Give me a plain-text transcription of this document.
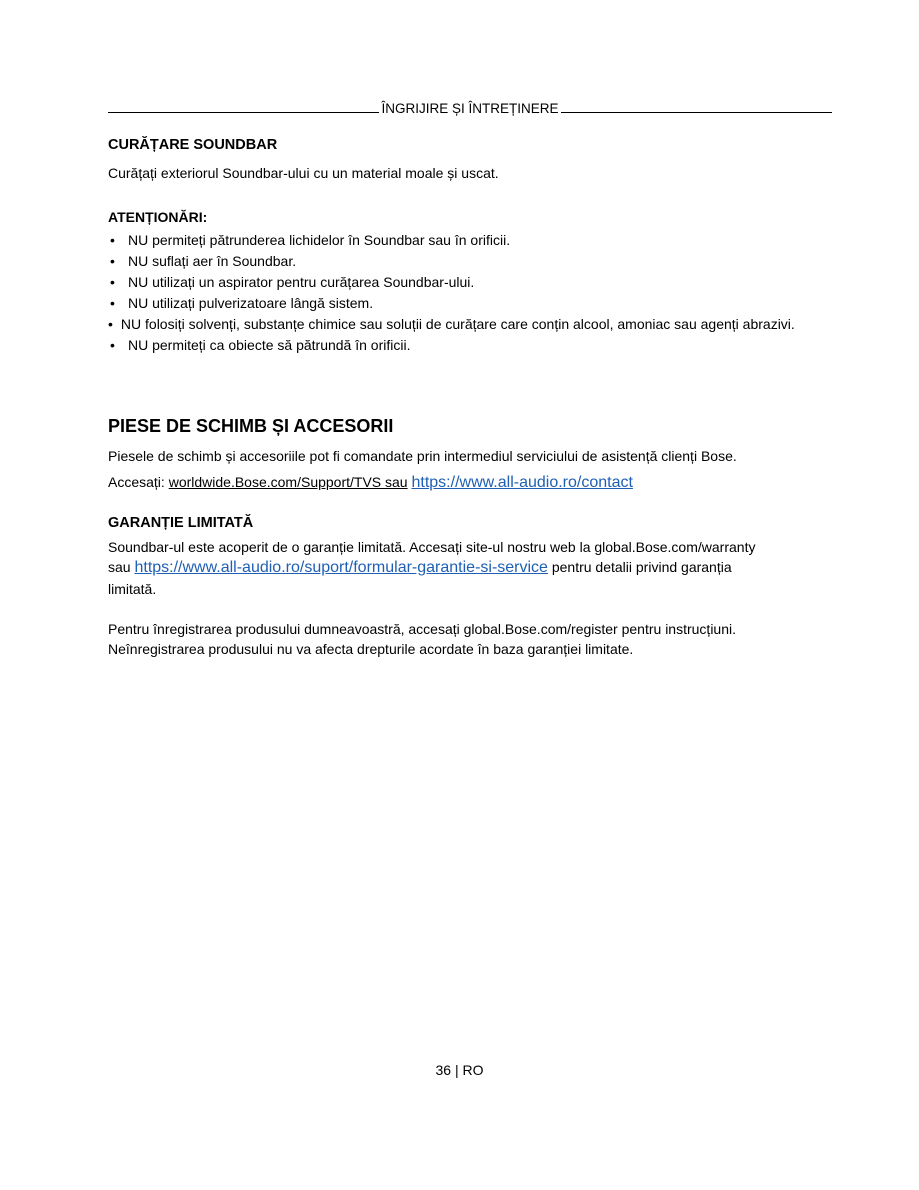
ÎNGRIJIRE ȘI ÎNTREȚINERE
CURĂȚARE SOUNDBAR
Curățați exteriorul Soundbar-ului cu un material moale și uscat.
ATENȚIONĂRI:
• NU permiteți pătrunderea lichidelor în Soundbar sau în orificii.
• NU suflați aer în Soundbar.
• NU utilizați un aspirator pentru curățarea Soundbar-ului.
• NU utilizați pulverizatoare lângă sistem.
• NU folosiți solvenți, substanțe chimice sau soluții de curățare care conțin alcool, amoniac sau agenți abrazivi.
• NU permiteți ca obiecte să pătrundă în orificii.
PIESE DE SCHIMB ȘI ACCESORII
Piesele de schimb și accesoriile pot fi comandate prin intermediul serviciului de asistență clienți Bose.
Accesați: worldwide.Bose.com/Support/TVS sau https://www.all-audio.ro/contact
GARANȚIE LIMITATĂ
Soundbar-ul este acoperit de o garanție limitată. Accesați site-ul nostru web la global.Bose.com/warranty
sau https://www.all-audio.ro/suport/formular-garantie-si-service pentru detalii privind garanția
limitată.
Pentru înregistrarea produsului dumneavoastră, accesați global.Bose.com/register pentru instrucțiuni.
Neînregistrarea produsului nu va afecta drepturile acordate în baza garanției limitate.
36 | RO
